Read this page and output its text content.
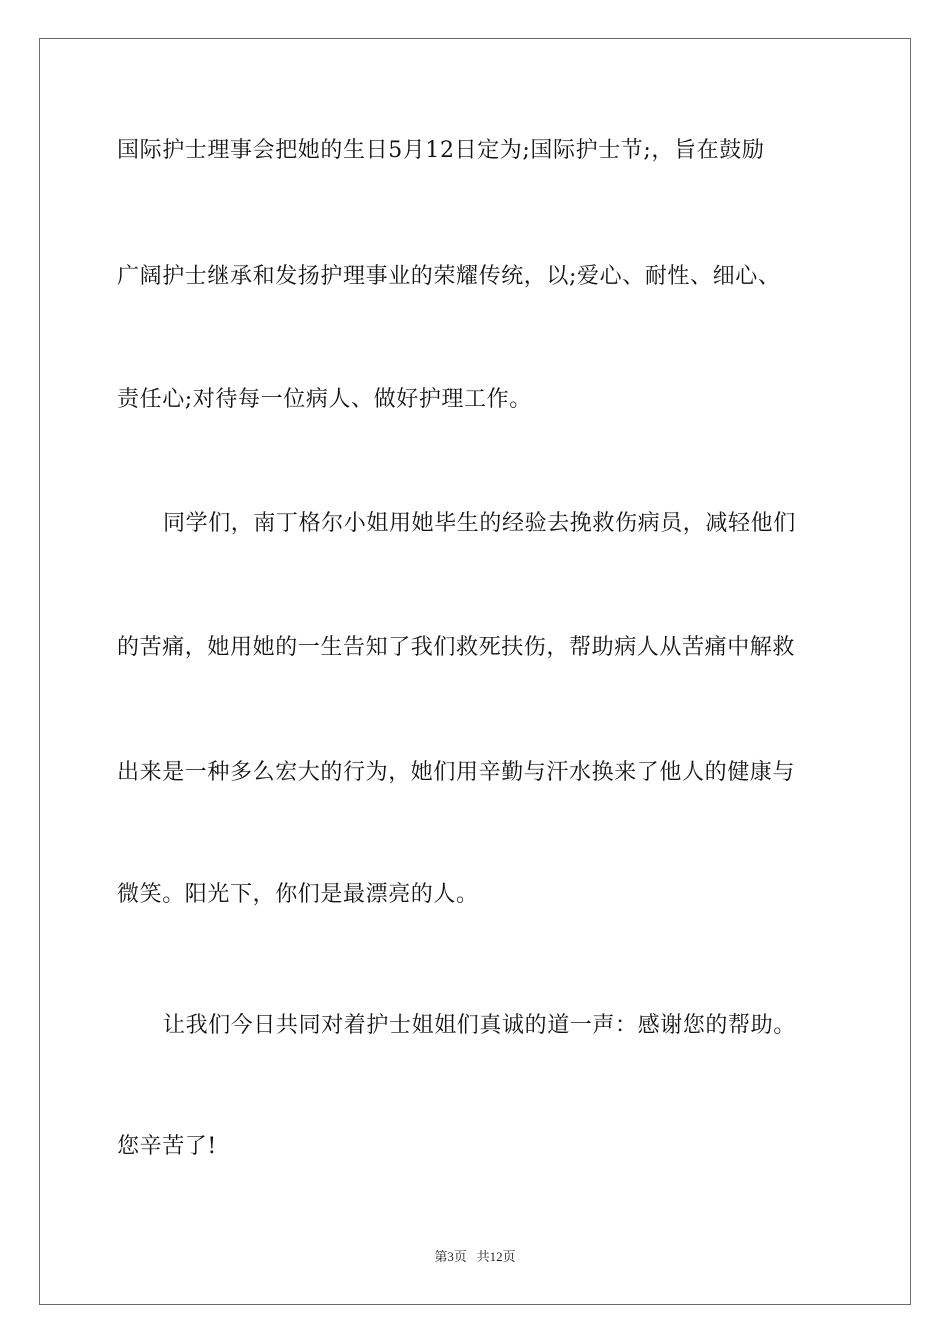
国际护士理事会把她的生日5月12日定为;国际护士节;，旨在鼓励
广阔护士继承和发扬护理事业的荣耀传统，以;爱心、耐性、细心、
责任心;对待每一位病人、做好护理工作。
同学们，南丁格尔小姐用她毕生的经验去挽救伤病员，减轻他们
的苦痛，她用她的一生告知了我们救死扶伤，帮助病人从苦痛中解救
出来是一种多么宏大的行为，她们用辛勤与汗水换来了他人的健康与
微笑。阳光下，你们是最漂亮的人。
让我们今日共同对着护士姐姐们真诚的道一声：感谢您的帮助。
您辛苦了!
第3页   共12页
